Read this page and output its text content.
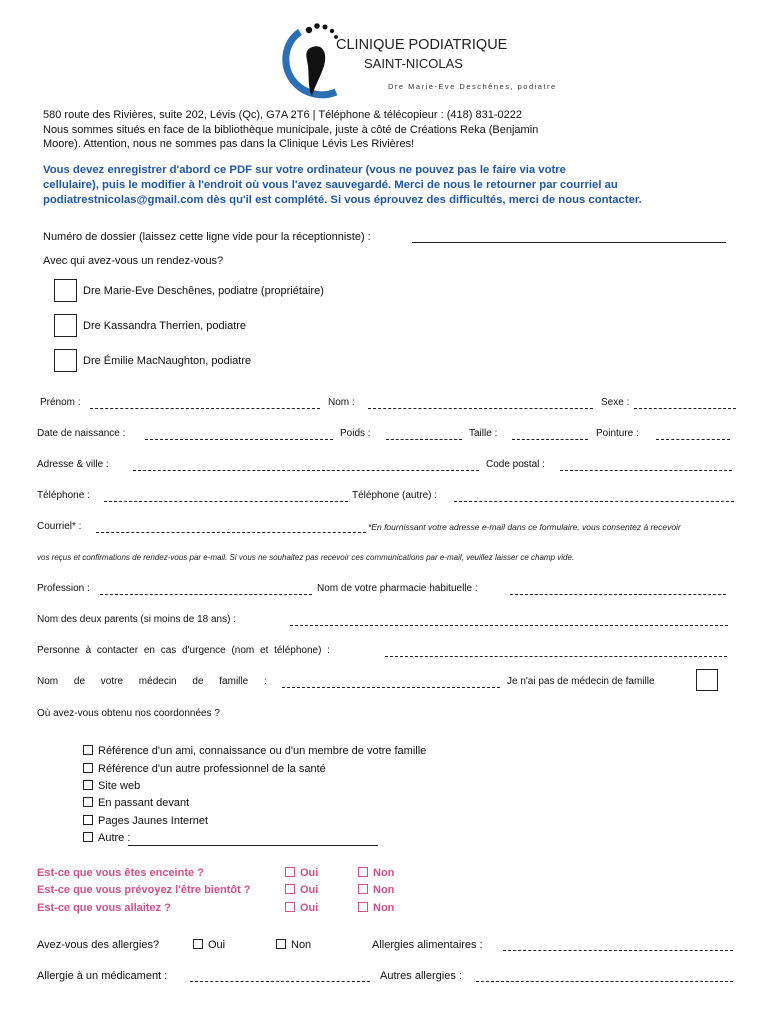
CLINIQUE PODIATRIQUE
SAINT-NICOLAS
Dre Marie-Eve Deschênes, podiatre
580 route des Rivières, suite 202, Lévis (Qc), G7A 2T6 | Téléphone & télécopieur : (418) 831-0222
Nous sommes situés en face de la bibliothèque municipale, juste à côté de Créations Reka (Benjamin
Moore). Attention, nous ne sommes pas dans la Clinique Lévis Les Rivières!
Vous devez enregistrer d'abord ce PDF sur votre ordinateur (vous ne pouvez pas le faire via votre
cellulaire), puis le modifier à l'endroit où vous l'avez sauvegardé. Merci de nous le retourner par courriel au
podiatrestnicolas@gmail.com dès qu'il est complété. Si vous éprouvez des difficultés, merci de nous contacter.
Numéro de dossier (laissez cette ligne vide pour la réceptionniste) :
Avec qui avez-vous un rendez-vous?
Dre Marie-Eve Deschênes, podiatre (propriétaire)
Dre Kassandra Therrien, podiatre
Dre Émilie MacNaughton, podiatre
Prénom :	Nom :	Sexe :
Date de naissance :	Poids :	Taille :	Pointure :
Adresse & ville :	Code postal :
Téléphone :	Téléphone (autre) :
Courriel* :	*En fournissant votre adresse e-mail dans ce formulaire, vous consentez à recevoir
vos reçus et confirmations de rendez-vous par e-mail. Si vous ne souhaitez pas recevoir ces communications par e-mail, veuillez laisser ce champ vide.
Profession :	Nom de votre pharmacie habituelle :
Nom des deux parents (si moins de 18 ans) :
Personne à contacter en cas d'urgence (nom et téléphone) :
Nom de votre médecin de famille :	Je n'ai pas de médecin de famille
Où avez-vous obtenu nos coordonnées ?
Référence d'un ami, connaissance ou d'un membre de votre famille
Référence d'un autre professionnel de la santé
Site web
En passant devant
Pages Jaunes Internet
Autre :
Est-ce que vous êtes enceinte ?	Oui	Non
Est-ce que vous prévoyez l'être bientôt ?	Oui	Non
Est-ce que vous allaitez ?	Oui	Non
Avez-vous des allergies?	Oui	Non	Allergies alimentaires :
Allergie à un médicament :	Autres allergies :
